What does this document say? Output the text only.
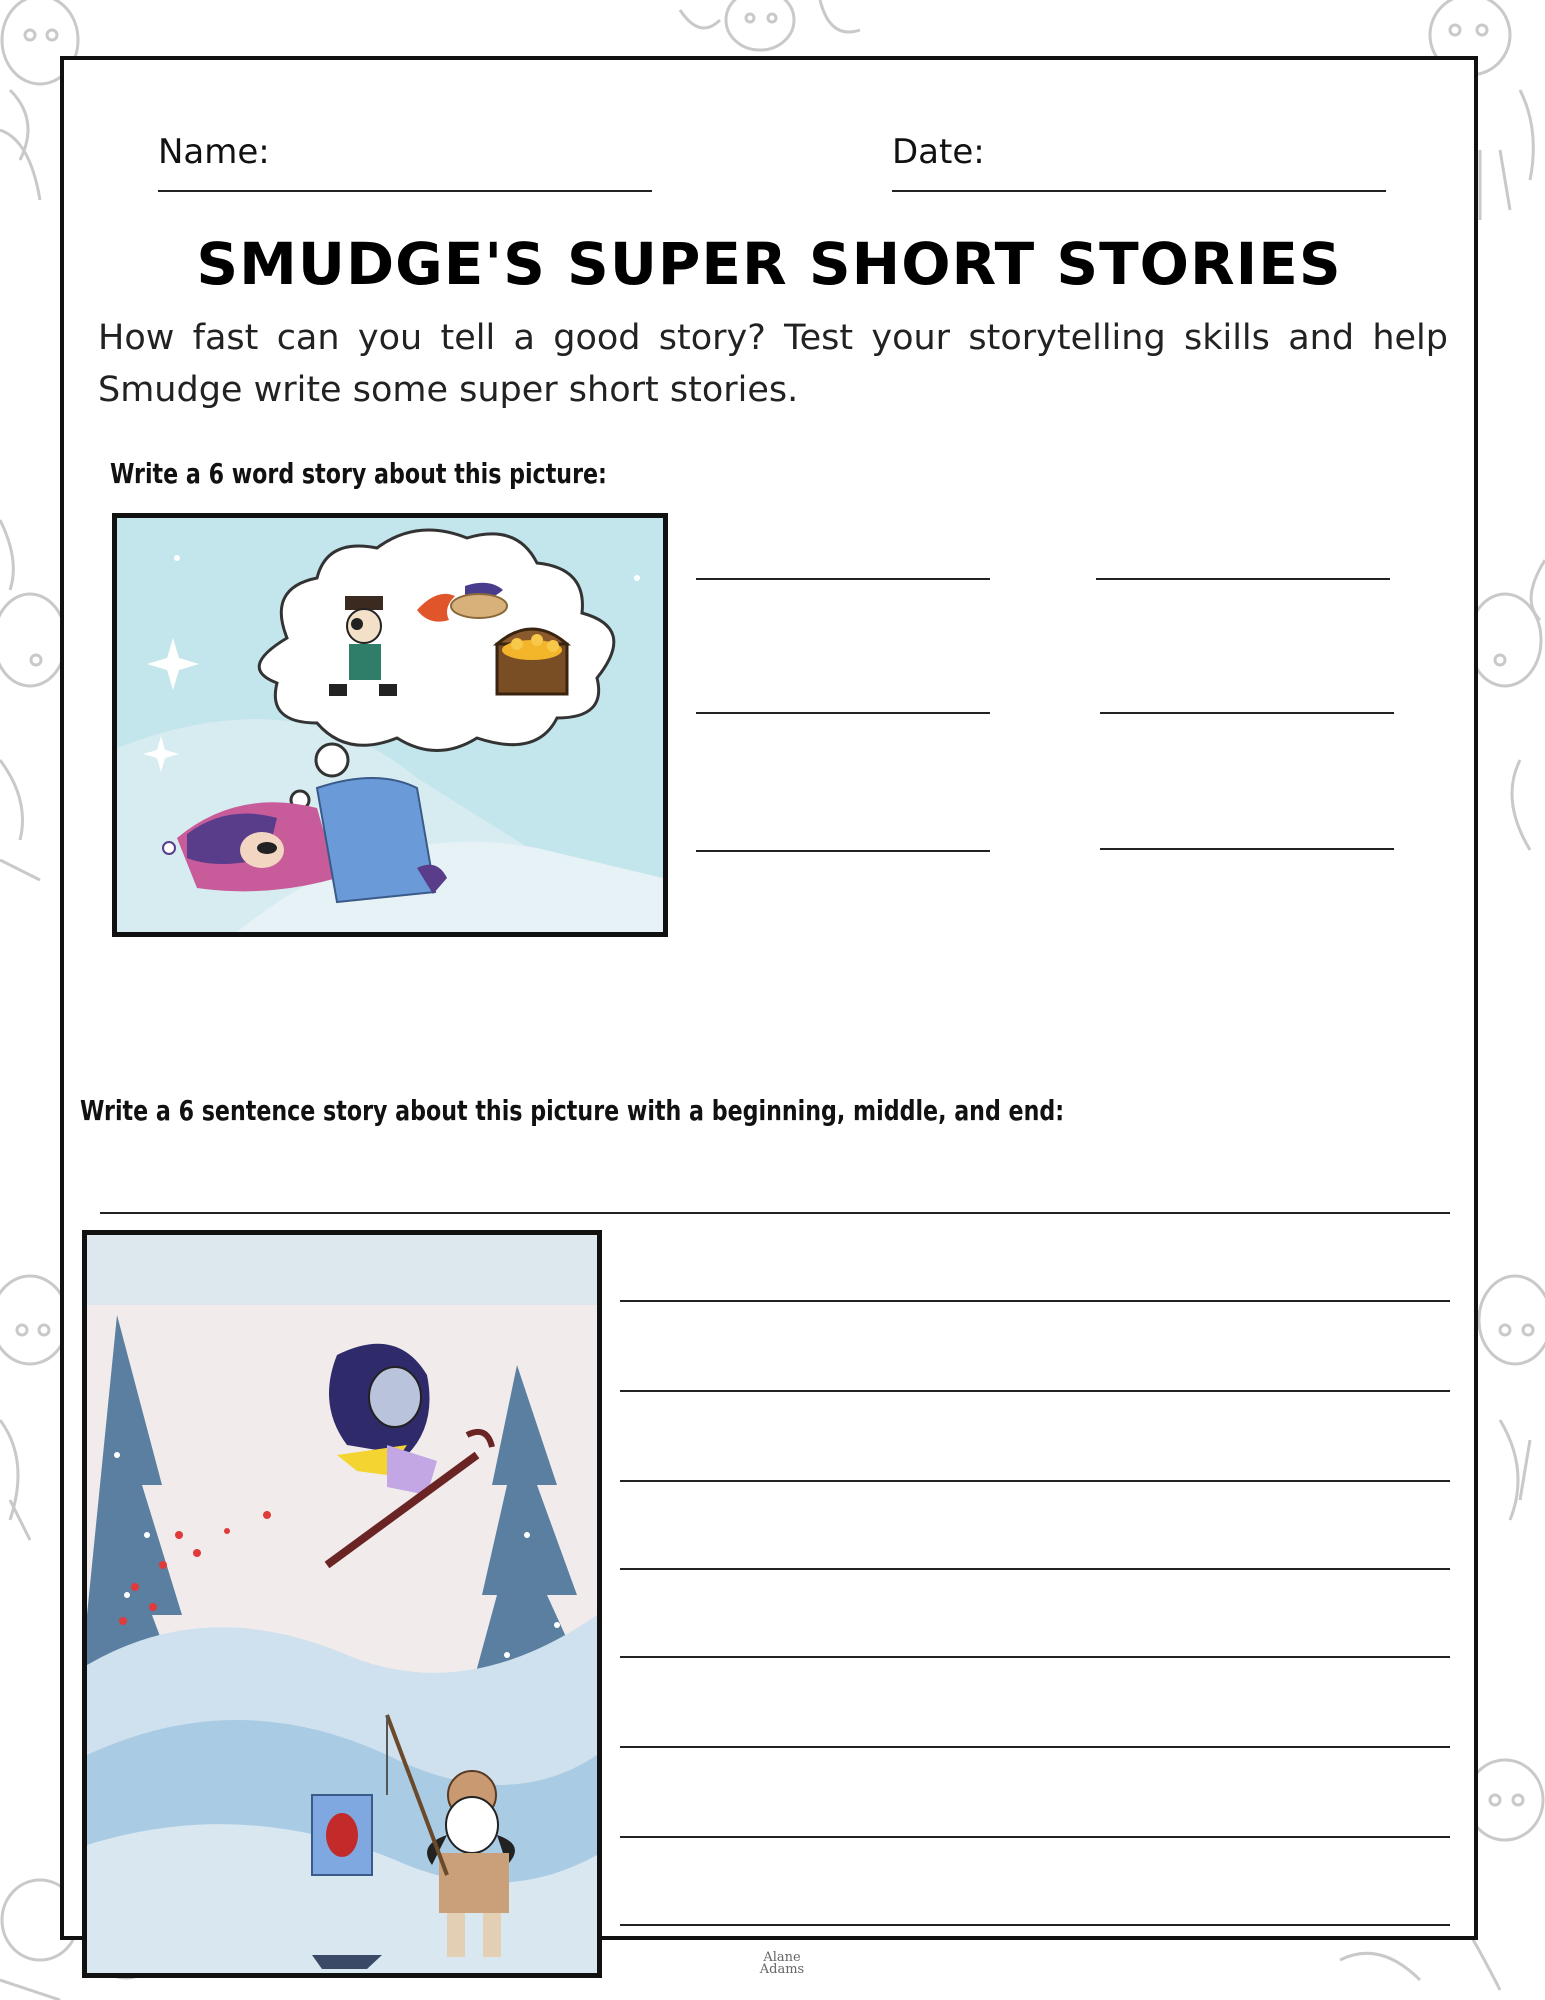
Name:	Date:
SMUDGE'S SUPER SHORT STORIES
How fast can you tell a good story? Test your storytelling skills and help Smudge write some super short stories.
Write a 6 word story about this picture:
Write a 6 sentence story about this picture with a beginning, middle, and end:
Alane
Adams
